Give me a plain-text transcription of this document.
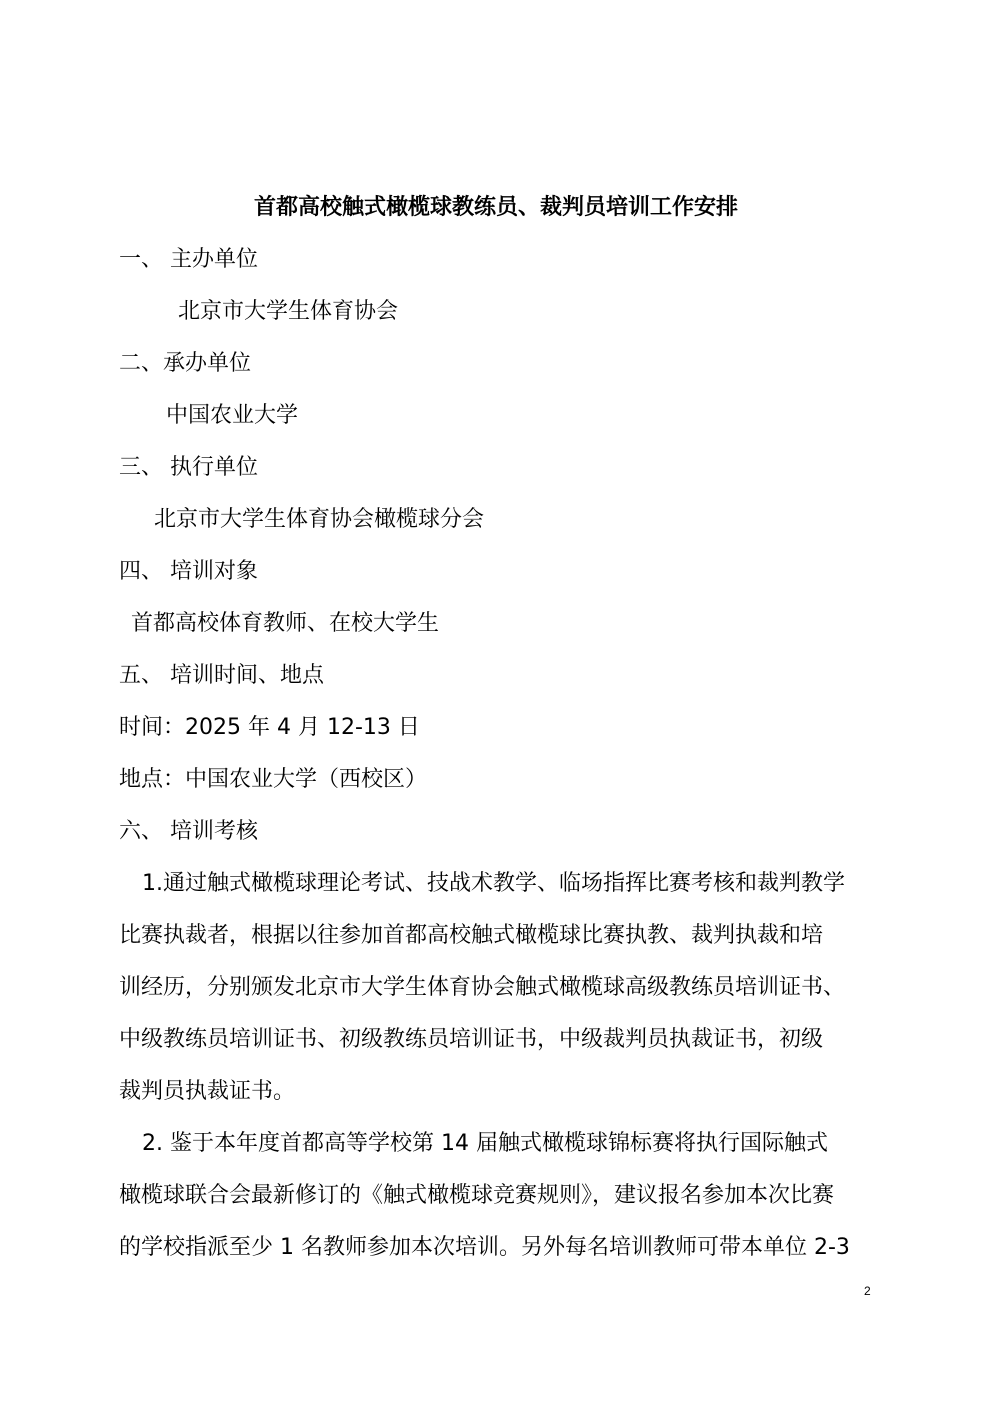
首都高校触式橄榄球教练员、裁判员培训工作安排
一、 主办单位
北京市大学生体育协会
二、承办单位
中国农业大学
三、 执行单位
北京市大学生体育协会橄榄球分会
四、 培训对象
首都高校体育教师、在校大学生
五、 培训时间、地点
时间：2025 年 4 月 12-13 日
地点：中国农业大学（西校区）
六、 培训考核
1.通过触式橄榄球理论考试、技战术教学、临场指挥比赛考核和裁判教学
比赛执裁者，根据以往参加首都高校触式橄榄球比赛执教、裁判执裁和培
训经历，分别颁发北京市大学生体育协会触式橄榄球高级教练员培训证书、
中级教练员培训证书、初级教练员培训证书，中级裁判员执裁证书，初级
裁判员执裁证书。
2. 鉴于本年度首都高等学校第 14 届触式橄榄球锦标赛将执行国际触式
橄榄球联合会最新修订的《触式橄榄球竞赛规则》，建议报名参加本次比赛
的学校指派至少 1 名教师参加本次培训。另外每名培训教师可带本单位 2-3
2
